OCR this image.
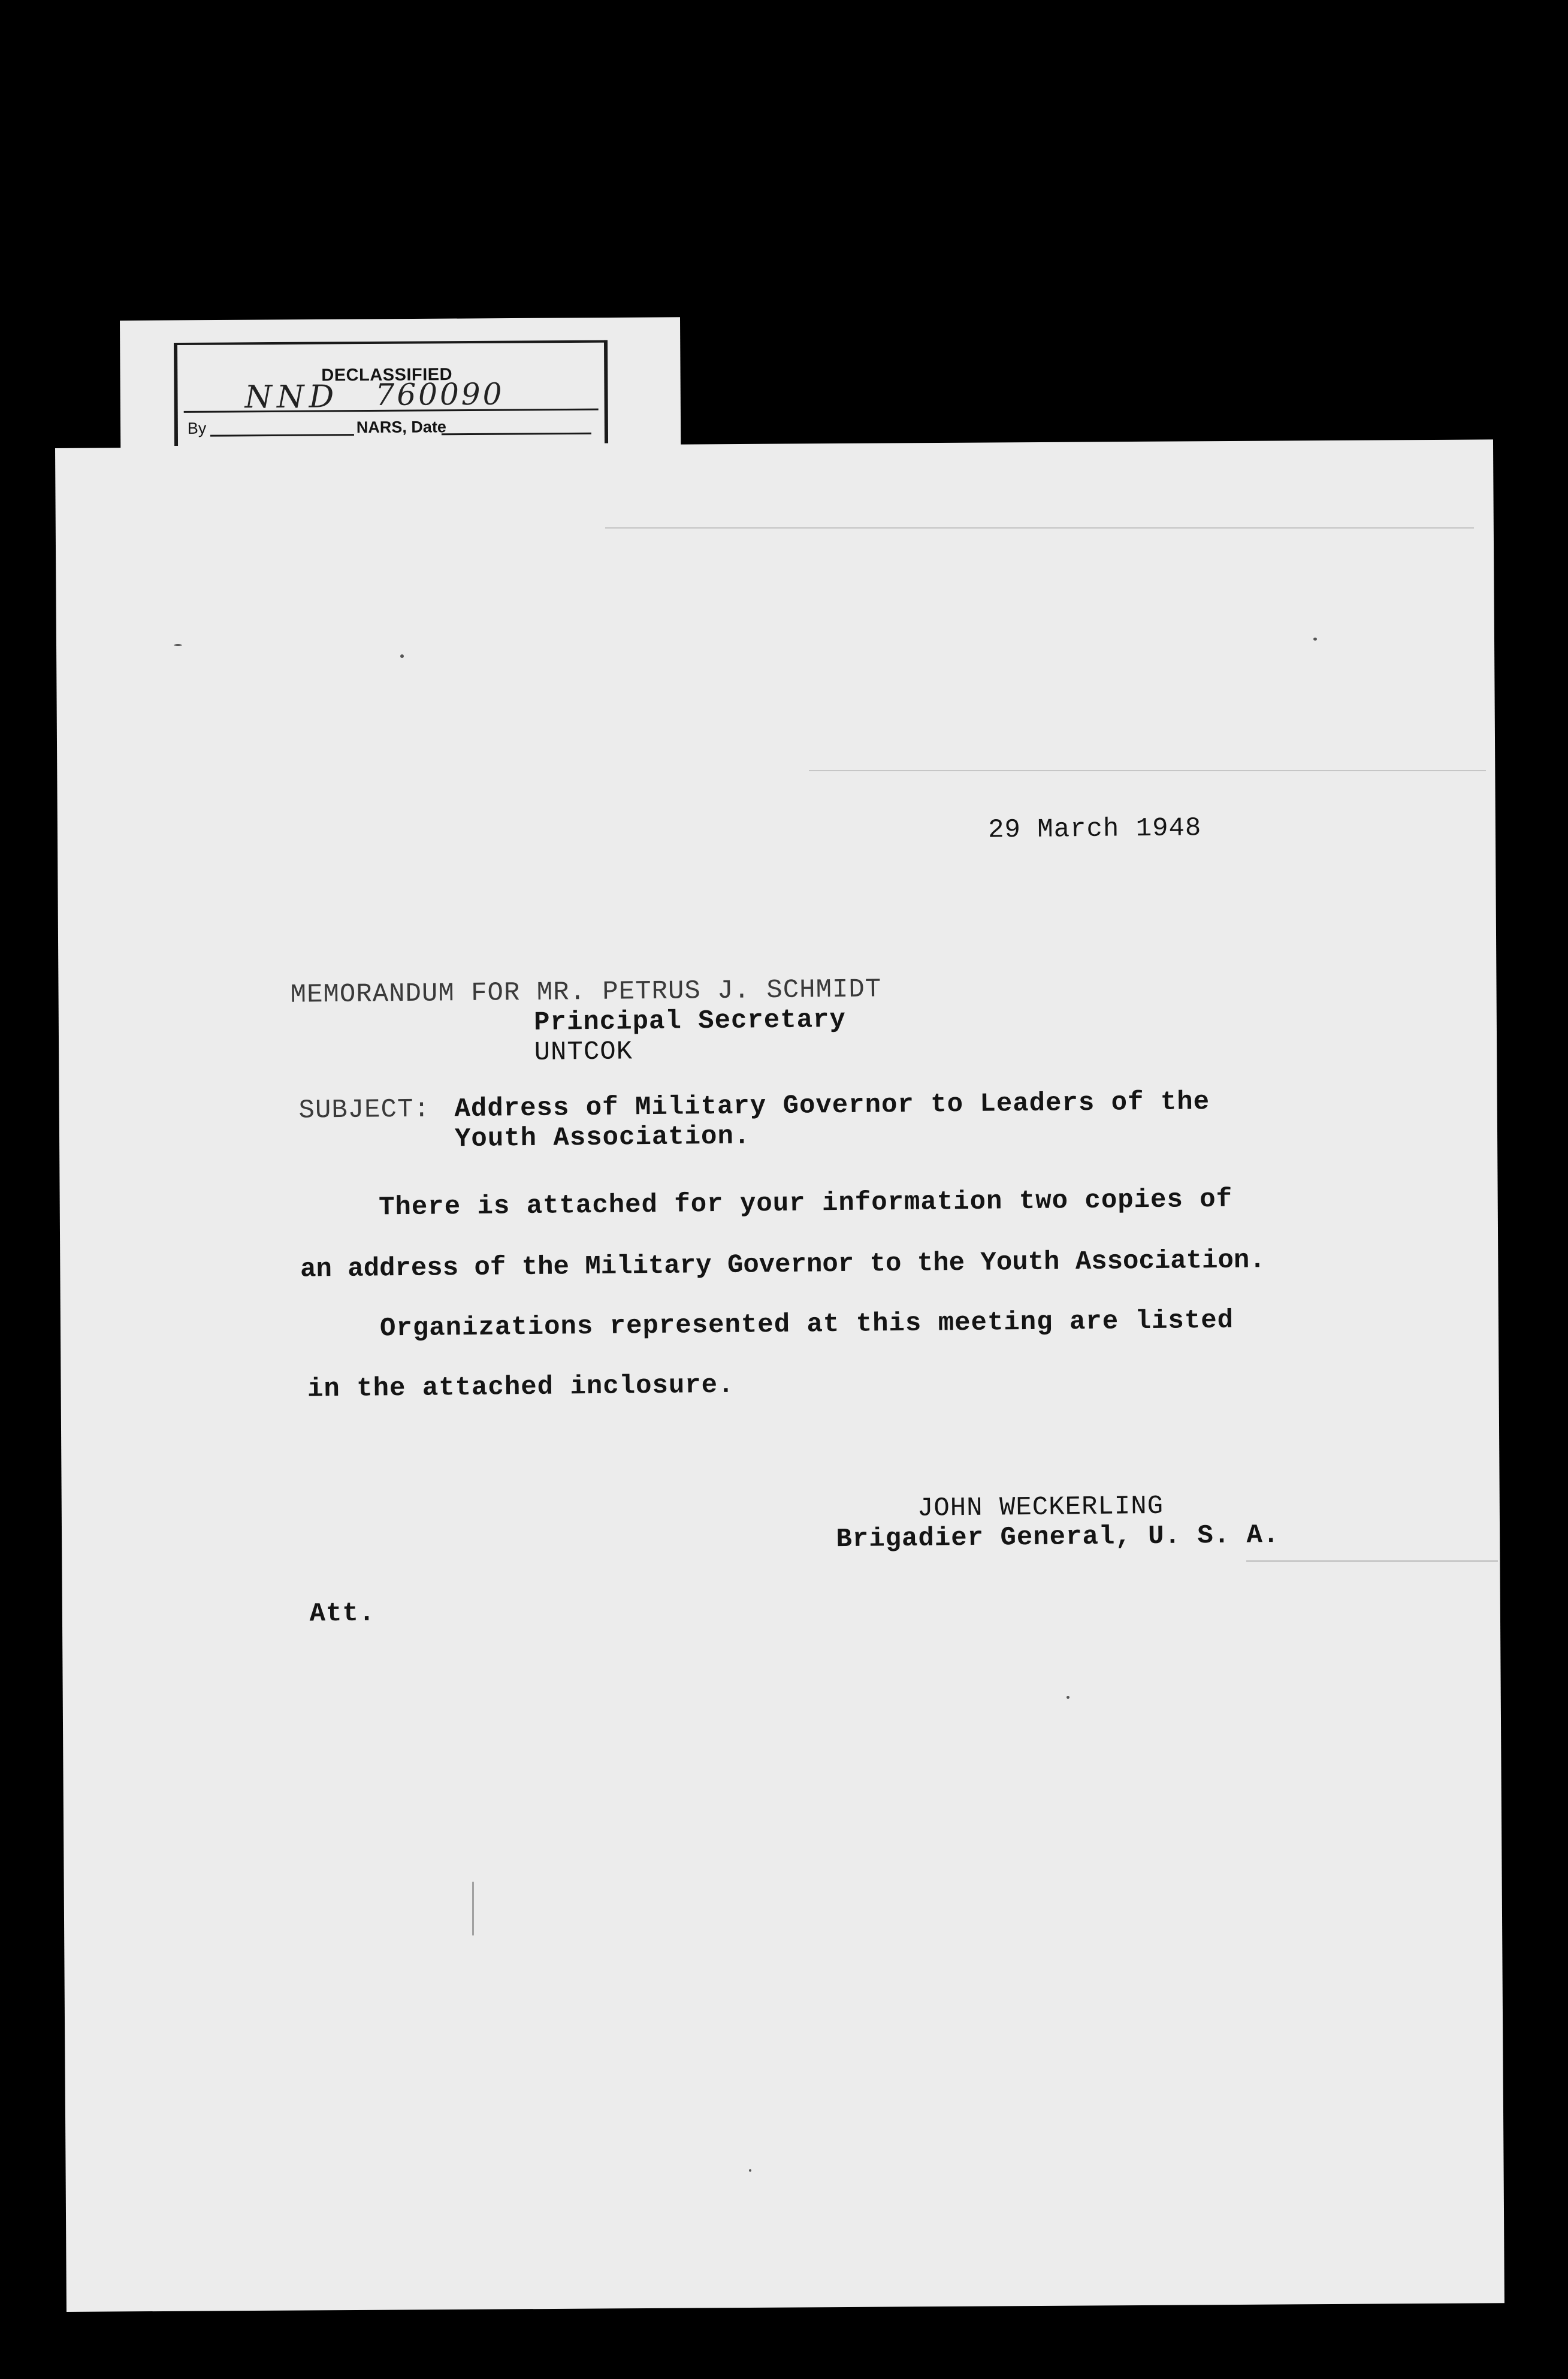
DECLASSIFIED
NND 760090
By	NARS, Date
29 March 1948
MEMORANDUM FOR MR. PETRUS J. SCHMIDT
Principal Secretary
UNTCOK
SUBJECT: Address of Military Governor to Leaders of the
Youth Association.
There is attached for your information two copies of
an address of the Military Governor to the Youth Association.
Organizations represented at this meeting are listed
in the attached inclosure.
JOHN WECKERLING
Brigadier General, U. S. A.
Att.
